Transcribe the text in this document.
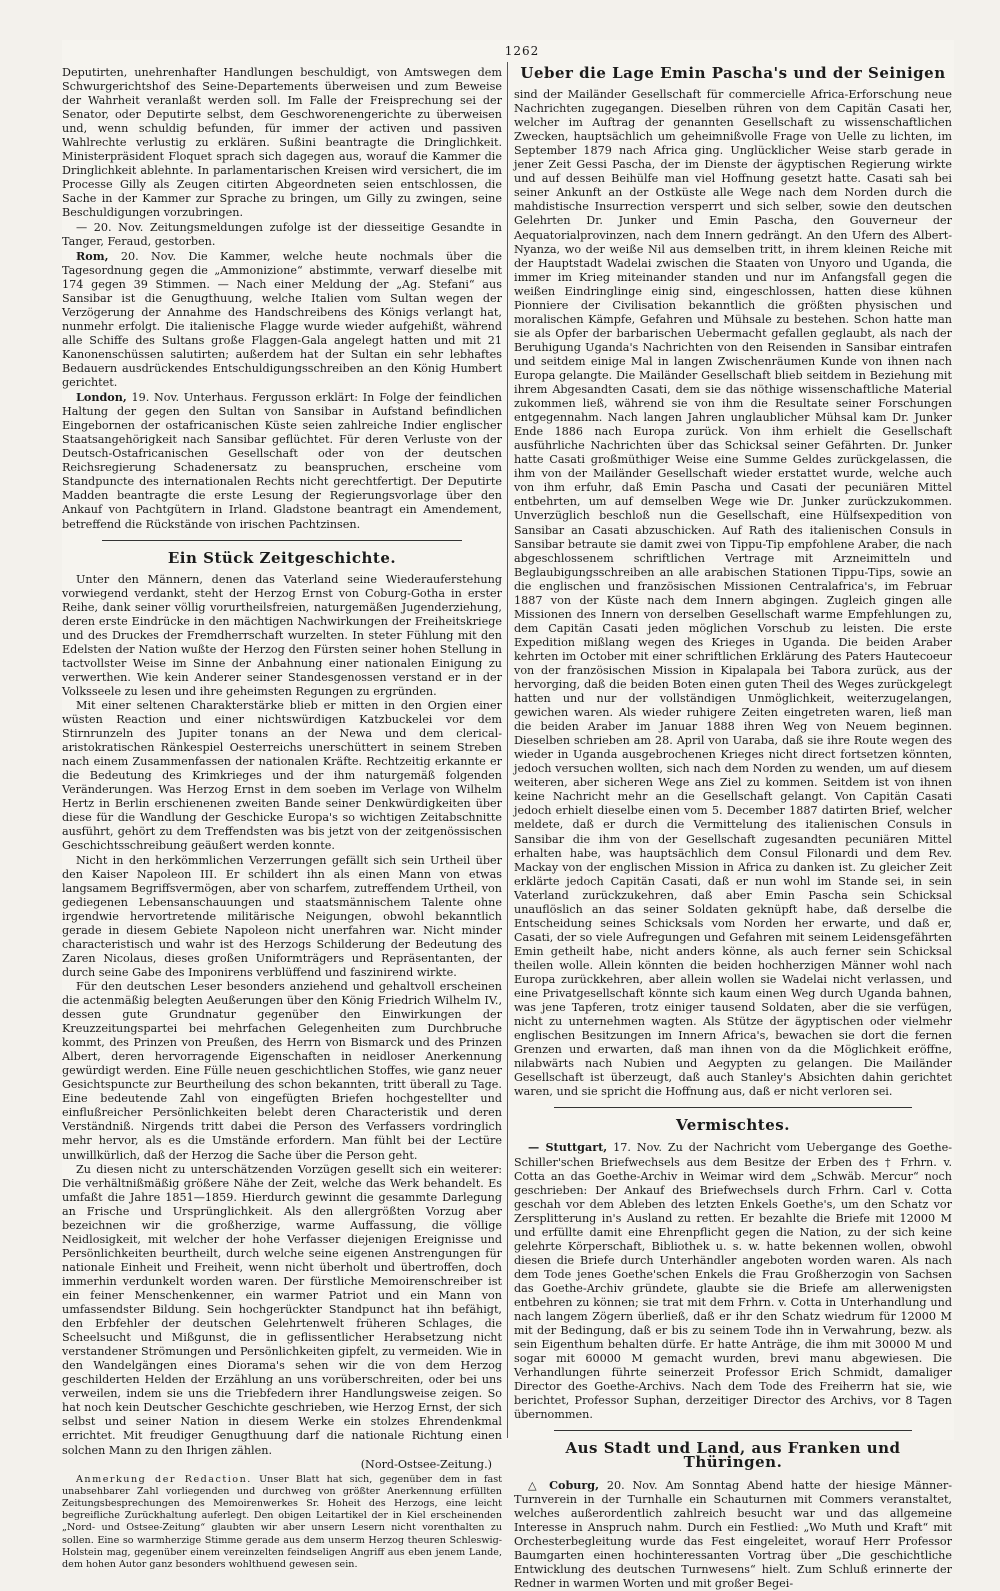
1262

Deputirten, unehrenhafter Handlungen beschuldigt, von Amtswegen dem Schwurgerichtshof des Seine-Departements überweisen und zum Beweise der Wahrheit veranlaßt werden soll. Im Falle der Freisprechung sei der Senator, oder Deputirte selbst, dem Geschworenengerichte zu überweisen und, wenn schuldig befunden, für immer der activen und passiven Wahlrechte verlustig zu erklären. Sußini beantragte die Dringlichkeit. Ministerpräsident Floquet sprach sich dagegen aus, worauf die Kammer die Dringlichkeit ablehnte. In parlamentarischen Kreisen wird versichert, die im Processe Gilly als Zeugen citirten Abgeordneten seien entschlossen, die Sache in der Kammer zur Sprache zu bringen, um Gilly zu zwingen, seine Beschuldigungen vorzubringen.

— 20. Nov. Zeitungsmeldungen zufolge ist der diesseitige Gesandte in Tanger, Feraud, gestorben.

Rom, 20. Nov. Die Kammer, welche heute nochmals über die Tagesordnung gegen die „Ammonizione“ abstimmte, verwarf dieselbe mit 174 gegen 39 Stimmen. — Nach einer Meldung der „Ag. Stefani“ aus Sansibar ist die Genugthuung, welche Italien vom Sultan wegen der Verzögerung der Annahme des Handschreibens des Königs verlangt hat, nunmehr erfolgt. Die italienische Flagge wurde wieder aufgehißt, während alle Schiffe des Sultans große Flaggen-Gala angelegt hatten und mit 21 Kanonenschüssen salutirten; außerdem hat der Sultan ein sehr lebhaftes Bedauern ausdrückendes Entschuldigungsschreiben an den König Humbert gerichtet.

London, 19. Nov. Unterhaus. Fergusson erklärt: In Folge der feindlichen Haltung der gegen den Sultan von Sansibar in Aufstand befindlichen Eingebornen der ostafricanischen Küste seien zahlreiche Indier englischer Staatsangehörigkeit nach Sansibar geflüchtet. Für deren Verluste von der Deutsch-Ostafricanischen Gesellschaft oder von der deutschen Reichsregierung Schadenersatz zu beanspruchen, erscheine vom Standpuncte des internationalen Rechts nicht gerechtfertigt. Der Deputirte Madden beantragte die erste Lesung der Regierungsvorlage über den Ankauf von Pachtgütern in Irland. Gladstone beantragt ein Amendement, betreffend die Rückstände von irischen Pachtzinsen.

Ein Stück Zeitgeschichte.

Unter den Männern, denen das Vaterland seine Wiederauferstehung vorwiegend verdankt, steht der Herzog Ernst von Coburg-Gotha in erster Reihe, dank seiner völlig vorurtheilsfreien, naturgemäßen Jugenderziehung, deren erste Eindrücke in den mächtigen Nachwirkungen der Freiheitskriege und des Druckes der Fremdherrschaft wurzelten. In steter Fühlung mit den Edelsten der Nation wußte der Herzog den Fürsten seiner hohen Stellung in tactvollster Weise im Sinne der Anbahnung einer nationalen Einigung zu verwerthen. Wie kein Anderer seiner Standesgenossen verstand er in der Volksseele zu lesen und ihre geheimsten Regungen zu ergründen.

Mit einer seltenen Charakterstärke blieb er mitten in den Orgien einer wüsten Reaction und einer nichtswürdigen Katzbuckelei vor dem Stirnrunzeln des Jupiter tonans an der Newa und dem clerical-aristokratischen Ränkespiel Oesterreichs unerschüttert in seinem Streben nach einem Zusammenfassen der nationalen Kräfte. Rechtzeitig erkannte er die Bedeutung des Krimkrieges und der ihm naturgemäß folgenden Veränderungen. Was Herzog Ernst in dem soeben im Verlage von Wilhelm Hertz in Berlin erschienenen zweiten Bande seiner Denkwürdigkeiten über diese für die Wandlung der Geschicke Europa's so wichtigen Zeitabschnitte ausführt, gehört zu dem Treffendsten was bis jetzt von der zeitgenössischen Geschichtsschreibung geäußert werden konnte.

Nicht in den herkömmlichen Verzerrungen gefällt sich sein Urtheil über den Kaiser Napoleon III. Er schildert ihn als einen Mann von etwas langsamem Begriffsvermögen, aber von scharfem, zutreffendem Urtheil, von gediegenen Lebensanschauungen und staatsmännischem Talente ohne irgendwie hervortretende militärische Neigungen, obwohl bekanntlich gerade in diesem Gebiete Napoleon nicht unerfahren war. Nicht minder characteristisch und wahr ist des Herzogs Schilderung der Bedeutung des Zaren Nicolaus, dieses großen Uniformträgers und Repräsentanten, der durch seine Gabe des Imponirens verblüffend und faszinirend wirkte.

Für den deutschen Leser besonders anziehend und gehaltvoll erscheinen die actenmäßig belegten Aeußerungen über den König Friedrich Wilhelm IV., dessen gute Grundnatur gegenüber den Einwirkungen der Kreuzzeitungspartei bei mehrfachen Gelegenheiten zum Durchbruche kommt, des Prinzen von Preußen, des Herrn von Bismarck und des Prinzen Albert, deren hervorragende Eigenschaften in neidloser Anerkennung gewürdigt werden. Eine Fülle neuen geschichtlichen Stoffes, wie ganz neuer Gesichtspuncte zur Beurtheilung des schon bekannten, tritt überall zu Tage. Eine bedeutende Zahl von eingefügten Briefen hochgestellter und einflußreicher Persönlichkeiten belebt deren Characteristik und deren Verständniß. Nirgends tritt dabei die Person des Verfassers vordringlich mehr hervor, als es die Umstände erfordern. Man fühlt bei der Lectüre unwillkürlich, daß der Herzog die Sache über die Person geht.

Zu diesen nicht zu unterschätzenden Vorzügen gesellt sich ein weiterer: Die verhältnißmäßig größere Nähe der Zeit, welche das Werk behandelt. Es umfaßt die Jahre 1851—1859. Hierdurch gewinnt die gesammte Darlegung an Frische und Ursprünglichkeit. Als den allergrößten Vorzug aber bezeichnen wir die großherzige, warme Auffassung, die völlige Neidlosigkeit, mit welcher der hohe Verfasser diejenigen Ereignisse und Persönlichkeiten beurtheilt, durch welche seine eigenen Anstrengungen für nationale Einheit und Freiheit, wenn nicht überholt und übertroffen, doch immerhin verdunkelt worden waren. Der fürstliche Memoirenschreiber ist ein feiner Menschenkenner, ein warmer Patriot und ein Mann von umfassendster Bildung. Sein hochgerückter Standpunct hat ihn befähigt, den Erbfehler der deutschen Gelehrtenwelt früheren Schlages, die Scheelsucht und Mißgunst, die in geflissentlicher Herabsetzung nicht verstandener Strömungen und Persönlichkeiten gipfelt, zu vermeiden. Wie in den Wandelgängen eines Diorama's sehen wir die von dem Herzog geschilderten Helden der Erzählung an uns vorüberschreiten, oder bei uns verweilen, indem sie uns die Triebfedern ihrer Handlungsweise zeigen. So hat noch kein Deutscher Geschichte geschrieben, wie Herzog Ernst, der sich selbst und seiner Nation in diesem Werke ein stolzes Ehrendenkmal errichtet. Mit freudiger Genugthuung darf die nationale Richtung einen solchen Mann zu den Ihrigen zählen.

(Nord-Ostsee-Zeitung.)

Anmerkung der Redaction. Unser Blatt hat sich, gegenüber dem in fast unabsehbarer Zahl vorliegenden und durchweg von größter Anerkennung erfüllten Zeitungsbesprechungen des Memoirenwerkes Sr. Hoheit des Herzogs, eine leicht begreifliche Zurückhaltung auferlegt. Den obigen Leitartikel der in Kiel erscheinenden „Nord- und Ostsee-Zeitung“ glaubten wir aber unsern Lesern nicht vorenthalten zu sollen. Eine so warmherzige Stimme gerade aus dem unserm Herzog theuren Schleswig-Holstein mag, gegenüber einem vereinzelten feindseligen Angriff aus eben jenem Lande, dem hohen Autor ganz besonders wohlthuend gewesen sein.

Ueber die Lage Emin Pascha's und der Seinigen

sind der Mailänder Gesellschaft für commercielle Africa-Erforschung neue Nachrichten zugegangen. Dieselben rühren von dem Capitän Casati her, welcher im Auftrag der genannten Gesellschaft zu wissenschaftlichen Zwecken, hauptsächlich um geheimnißvolle Frage von Uelle zu lichten, im September 1879 nach Africa ging. Unglücklicher Weise starb gerade in jener Zeit Gessi Pascha, der im Dienste der ägyptischen Regierung wirkte und auf dessen Beihülfe man viel Hoffnung gesetzt hatte. Casati sah bei seiner Ankunft an der Ostküste alle Wege nach dem Norden durch die mahdistische Insurrection versperrt und sich selber, sowie den deutschen Gelehrten Dr. Junker und Emin Pascha, den Gouverneur der Aequatorialprovinzen, nach dem Innern gedrängt. An den Ufern des Albert-Nyanza, wo der weiße Nil aus demselben tritt, in ihrem kleinen Reiche mit der Hauptstadt Wadelai zwischen die Staaten von Unyoro und Uganda, die immer im Krieg miteinander standen und nur im Anfangsfall gegen die weißen Eindringlinge einig sind, eingeschlossen, hatten diese kühnen Pionniere der Civilisation bekanntlich die größten physischen und moralischen Kämpfe, Gefahren und Mühsale zu bestehen. Schon hatte man sie als Opfer der barbarischen Uebermacht gefallen geglaubt, als nach der Beruhigung Uganda's Nachrichten von den Reisenden in Sansibar eintrafen und seitdem einige Mal in langen Zwischenräumen Kunde von ihnen nach Europa gelangte. Die Mailänder Gesellschaft blieb seitdem in Beziehung mit ihrem Abgesandten Casati, dem sie das nöthige wissenschaftliche Material zukommen ließ, während sie von ihm die Resultate seiner Forschungen entgegennahm. Nach langen Jahren unglaublicher Mühsal kam Dr. Junker Ende 1886 nach Europa zurück. Von ihm erhielt die Gesellschaft ausführliche Nachrichten über das Schicksal seiner Gefährten. Dr. Junker hatte Casati großmüthiger Weise eine Summe Geldes zurückgelassen, die ihm von der Mailänder Gesellschaft wieder erstattet wurde, welche auch von ihm erfuhr, daß Emin Pascha und Casati der pecuniären Mittel entbehrten, um auf demselben Wege wie Dr. Junker zurückzukommen. Unverzüglich beschloß nun die Gesellschaft, eine Hülfsexpedition von Sansibar an Casati abzuschicken. Auf Rath des italienischen Consuls in Sansibar betraute sie damit zwei von Tippu-Tip empfohlene Araber, die nach abgeschlossenem schriftlichen Vertrage mit Arzneimitteln und Beglaubigungsschreiben an alle arabischen Stationen Tippu-Tips, sowie an die englischen und französischen Missionen Centralafrica's, im Februar 1887 von der Küste nach dem Innern abgingen. Zugleich gingen alle Missionen des Innern von derselben Gesellschaft warme Empfehlungen zu, dem Capitän Casati jeden möglichen Vorschub zu leisten. Die erste Expedition mißlang wegen des Krieges in Uganda. Die beiden Araber kehrten im October mit einer schriftlichen Erklärung des Paters Hautecoeur von der französischen Mission in Kipalapala bei Tabora zurück, aus der hervorging, daß die beiden Boten einen guten Theil des Weges zurückgelegt hatten und nur der vollständigen Unmöglichkeit, weiterzugelangen, gewichen waren. Als wieder ruhigere Zeiten eingetreten waren, ließ man die beiden Araber im Januar 1888 ihren Weg von Neuem beginnen. Dieselben schrieben am 28. April von Uaraba, daß sie ihre Route wegen des wieder in Uganda ausgebrochenen Krieges nicht direct fortsetzen könnten, jedoch versuchen wollten, sich nach dem Norden zu wenden, um auf diesem weiteren, aber sicheren Wege ans Ziel zu kommen. Seitdem ist von ihnen keine Nachricht mehr an die Gesellschaft gelangt. Von Capitän Casati jedoch erhielt dieselbe einen vom 5. December 1887 datirten Brief, welcher meldete, daß er durch die Vermittelung des italienischen Consuls in Sansibar die ihm von der Gesellschaft zugesandten pecuniären Mittel erhalten habe, was hauptsächlich dem Consul Filonardi und dem Rev. Mackay von der englischen Mission in Africa zu danken ist. Zu gleicher Zeit erklärte jedoch Capitän Casati, daß er nun wohl im Stande sei, in sein Vaterland zurückzukehren, daß aber Emin Pascha sein Schicksal unauflöslich an das seiner Soldaten geknüpft habe, daß derselbe die Entscheidung seines Schicksals vom Norden her erwarte, und daß er, Casati, der so viele Aufregungen und Gefahren mit seinem Leidensgefährten Emin getheilt habe, nicht anders könne, als auch ferner sein Schicksal theilen wolle. Allein könnten die beiden hochherzigen Männer wohl nach Europa zurückkehren, aber allein wollen sie Wadelai nicht verlassen, und eine Privatgesellschaft könnte sich kaum einen Weg durch Uganda bahnen, was jene Tapferen, trotz einiger tausend Soldaten, aber die sie verfügen, nicht zu unternehmen wagten. Als Stütze der ägyptischen oder vielmehr englischen Besitzungen im Innern Africa's, bewachen sie dort die fernen Grenzen und erwarten, daß man ihnen von da die Möglichkeit eröffne, nilabwärts nach Nubien und Aegypten zu gelangen. Die Mailänder Gesellschaft ist überzeugt, daß auch Stanley's Absichten dahin gerichtet waren, und sie spricht die Hoffnung aus, daß er nicht verloren sei.

Vermischtes.

— Stuttgart, 17. Nov. Zu der Nachricht vom Uebergange des Goethe-Schiller'schen Briefwechsels aus dem Besitze der Erben des † Frhrn. v. Cotta an das Goethe-Archiv in Weimar wird dem „Schwäb. Mercur“ noch geschrieben: Der Ankauf des Briefwechsels durch Frhrn. Carl v. Cotta geschah vor dem Ableben des letzten Enkels Goethe's, um den Schatz vor Zersplitterung in's Ausland zu retten. Er bezahlte die Briefe mit 12000 M und erfüllte damit eine Ehrenpflicht gegen die Nation, zu der sich keine gelehrte Körperschaft, Bibliothek u. s. w. hatte bekennen wollen, obwohl diesen die Briefe durch Unterhändler angeboten worden waren. Als nach dem Tode jenes Goethe'schen Enkels die Frau Großherzogin von Sachsen das Goethe-Archiv gründete, glaubte sie die Briefe am allerwenigsten entbehren zu können; sie trat mit dem Frhrn. v. Cotta in Unterhandlung und nach langem Zögern überließ, daß er ihr den Schatz wiedrum für 12000 M mit der Bedingung, daß er bis zu seinem Tode ihn in Verwahrung, bezw. als sein Eigenthum behalten dürfe. Er hatte Anträge, die ihm mit 30000 M und sogar mit 60000 M gemacht wurden, brevi manu abgewiesen. Die Verhandlungen führte seinerzeit Professor Erich Schmidt, damaliger Director des Goethe-Archivs. Nach dem Tode des Freiherrn hat sie, wie berichtet, Professor Suphan, derzeitiger Director des Archivs, vor 8 Tagen übernommen.

Aus Stadt und Land, aus Franken und Thüringen.

△ Coburg, 20. Nov. Am Sonntag Abend hatte der hiesige Männer-Turnverein in der Turnhalle ein Schauturnen mit Commers veranstaltet, welches außerordentlich zahlreich besucht war und das allgemeine Interesse in Anspruch nahm. Durch ein Festlied: „Wo Muth und Kraft“ mit Orchesterbegleitung wurde das Fest eingeleitet, worauf Herr Professor Baumgarten einen hochinteressanten Vortrag über „Die geschichtliche Entwicklung des deutschen Turnwesens“ hielt. Zum Schluß erinnerte der Redner in warmen Worten und mit großer Begei-
